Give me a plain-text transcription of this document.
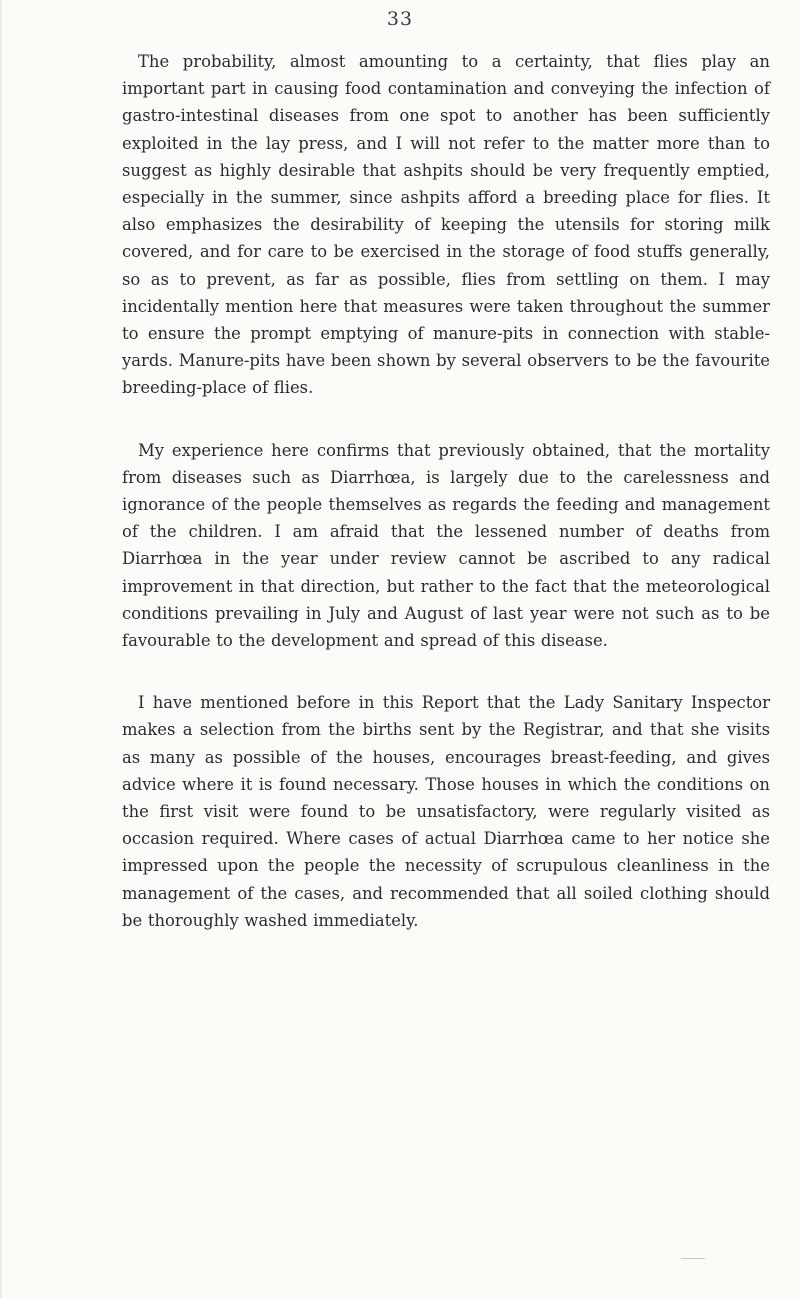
33

The probability, almost amounting to a certainty, that flies play an important part in causing food contamination and conveying the infection of gastro-intestinal diseases from one spot to another has been sufficiently exploited in the lay press, and I will not refer to the matter more than to suggest as highly desirable that ashpits should be very frequently emptied, especially in the summer, since ashpits afford a breeding place for flies. It also emphasizes the desirability of keeping the utensils for storing milk covered, and for care to be exercised in the storage of food stuffs generally, so as to prevent, as far as possible, flies from settling on them. I may incidentally mention here that measures were taken throughout the summer to ensure the prompt emptying of manure-pits in connection with stable-yards. Manure-pits have been shown by several observers to be the favourite breeding-place of flies.

My experience here confirms that previously obtained, that the mortality from diseases such as Diarrhœa, is largely due to the carelessness and ignorance of the people themselves as regards the feeding and management of the children. I am afraid that the lessened number of deaths from Diarrhœa in the year under review cannot be ascribed to any radical improvement in that direction, but rather to the fact that the meteorological conditions prevailing in July and August of last year were not such as to be favourable to the development and spread of this disease.

I have mentioned before in this Report that the Lady Sanitary Inspector makes a selection from the births sent by the Registrar, and that she visits as many as possible of the houses, encourages breast-feeding, and gives advice where it is found necessary. Those houses in which the conditions on the first visit were found to be unsatisfactory, were regularly visited as occasion required. Where cases of actual Diarrhœa came to her notice she impressed upon the people the necessity of scrupulous cleanliness in the management of the cases, and recommended that all soiled clothing should be thoroughly washed immediately.
